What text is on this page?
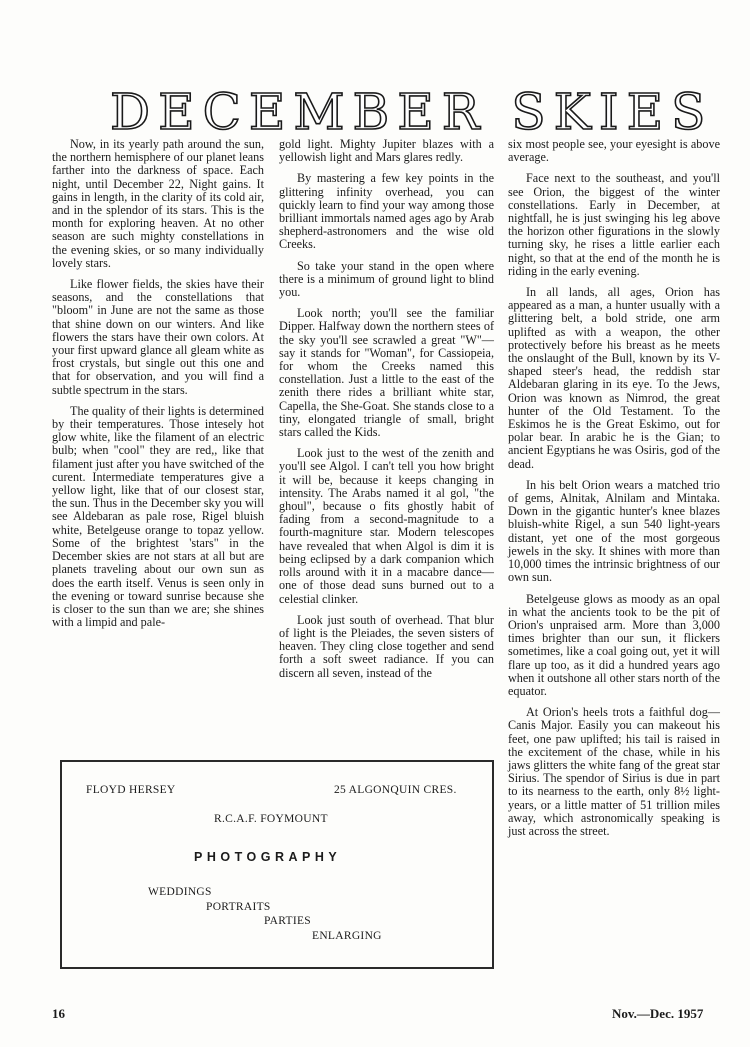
DECEMBER SKIES

Now, in its yearly path around the sun, the northern hemisphere of our planet leans farther into the darkness of space. Each night, until December 22, Night gains. It gains in length, in the clarity of its cold air, and in the splendor of its stars. This is the month for exploring heaven. At no other season are such mighty constellations in the evening skies, or so many individually lovely stars.

Like flower fields, the skies have their seasons, and the constellations that "bloom" in June are not the same as those that shine down on our winters. And like flowers the stars have their own colors. At your first upward glance all gleam white as frost crystals, but single out this one and that for observation, and you will find a subtle spectrum in the stars.

The quality of their lights is determined by their temperatures. Those intesely hot glow white, like the filament of an electric bulb; when "cool" they are red,, like that filament just after you have switched of the curent. Intermediate temperatures give a yellow light, like that of our closest star, the sun. Thus in the December sky you will see Aldebaran as pale rose, Rigel bluish white, Betelgeuse orange to topaz yellow. Some of the brightest 'stars" in the December skies are not stars at all but are planets traveling about our own sun as does the earth itself. Venus is seen only in the evening or toward sunrise because she is closer to the sun than we are; she shines with a limpid and pale-

gold light. Mighty Jupiter blazes with a yellowish light and Mars glares redly.

By mastering a few key points in the glittering infinity overhead, you can quickly learn to find your way among those brilliant immortals named ages ago by Arab shepherd-astronomers and the wise old Creeks.

So take your stand in the open where there is a minimum of ground light to blind you.

Look north; you'll see the familiar Dipper. Halfway down the northern stees of the sky you'll see scrawled a great "W"—say it stands for "Woman", for Cassiopeia, for whom the Creeks named this constellation. Just a little to the east of the zenith there rides a brilliant white star, Capella, the She-Goat. She stands close to a tiny, elongated triangle of small, bright stars called the Kids.

Look just to the west of the zenith and you'll see Algol. I can't tell you how bright it will be, because it keeps changing in intensity. The Arabs named it al gol, "the ghoul", because o fits ghostly habit of fading from a second-magnitude to a fourth-magniture star. Modern telescopes have revealed that when Algol is dim it is being eclipsed by a dark companion which rolls around with it in a macabre dance—one of those dead suns burned out to a celestial clinker.

Look just south of overhead. That blur of light is the Pleiades, the seven sisters of heaven. They cling close together and send forth a soft sweet radiance. If you can discern all seven, instead of the

six most people see, your eyesight is above average.

Face next to the southeast, and you'll see Orion, the biggest of the winter constellations. Early in December, at nightfall, he is just swinging his leg above the horizon other figurations in the slowly turning sky, he rises a little earlier each night, so that at the end of the month he is riding in the early evening.

In all lands, all ages, Orion has appeared as a man, a hunter usually with a glittering belt, a bold stride, one arm uplifted as with a weapon, the other protectively before his breast as he meets the onslaught of the Bull, known by its V-shaped steer's head, the reddish star Aldebaran glaring in its eye. To the Jews, Orion was known as Nimrod, the great hunter of the Old Testament. To the Eskimos he is the Great Eskimo, out for polar bear. In arabic he is the Gian; to ancient Egyptians he was Osiris, god of the dead.

In his belt Orion wears a matched trio of gems, Alnitak, Alnilam and Mintaka. Down in the gigantic hunter's knee blazes bluish-white Rigel, a sun 540 light-years distant, yet one of the most gorgeous jewels in the sky. It shines with more than 10,000 times the intrinsic brightness of our own sun.

Betelgeuse glows as moody as an opal in what the ancients took to be the pit of Orion's unpraised arm. More than 3,000 times brighter than our sun, it flickers sometimes, like a coal going out, yet it will flare up too, as it did a hundred years ago when it outshone all other stars north of the equator.

At Orion's heels trots a faithful dog—Canis Major. Easily you can makeout his feet, one paw uplifted; his tail is raised in the excitement of the chase, while in his jaws glitters the white fang of the great star Sirius. The spendor of Sirius is due in part to its nearness to the earth, only 8½ light-years, or a little matter of 51 trillion miles away, which astronomically speaking is just across the street.

FLOYD HERSEY	25 ALGONQUIN CRES.
R.C.A.F. FOYMOUNT
PHOTOGRAPHY
WEDDINGS
PORTRAITS
PARTIES
ENLARGING
16	Nov.—Dec. 1957
